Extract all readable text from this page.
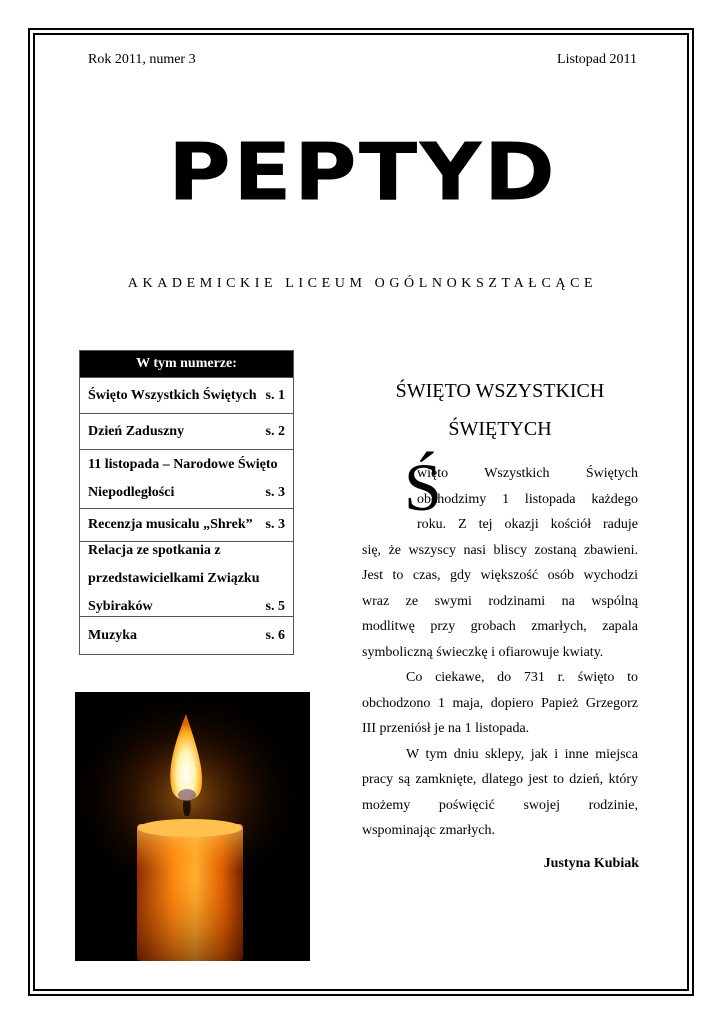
Rok 2011, numer 3	Listopad 2011
PEPTYD
AKADEMICKIE LICEUM OGÓLNOKSZTAŁCĄCE
W tym numerze:
Święto Wszystkich Świętych s. 1
Dzień Zaduszny	s. 2
11 listopada – Narodowe Święto
Niepodległości	s. 3
Recenzja musicalu „Shrek” s. 3
Relacja ze spotkania z
przedstawicielkami Związku
Sybiraków	s. 5
Muzyka	s. 6
ŚWIĘTO WSZYSTKICH
ŚWIĘTYCH
Ś
więto Wszystkich Świętych
obchodzimy 1 listopada każdego
roku. Z tej okazji kościół raduje
się, że wszyscy nasi bliscy zostaną zbawieni.
Jest to czas, gdy większość osób wychodzi
wraz ze swymi rodzinami na wspólną
modlitwę przy grobach zmarłych, zapala
symboliczną świeczkę i ofiarowuje kwiaty.
Co ciekawe, do 731 r. święto to
obchodzono 1 maja, dopiero Papież Grzegorz
III przeniósł je na 1 listopada.
W tym dniu sklepy, jak i inne miejsca
pracy są zamknięte, dlatego jest to dzień, który
możemy poświęcić swojej rodzinie,
wspominając zmarłych.
Justyna Kubiak
